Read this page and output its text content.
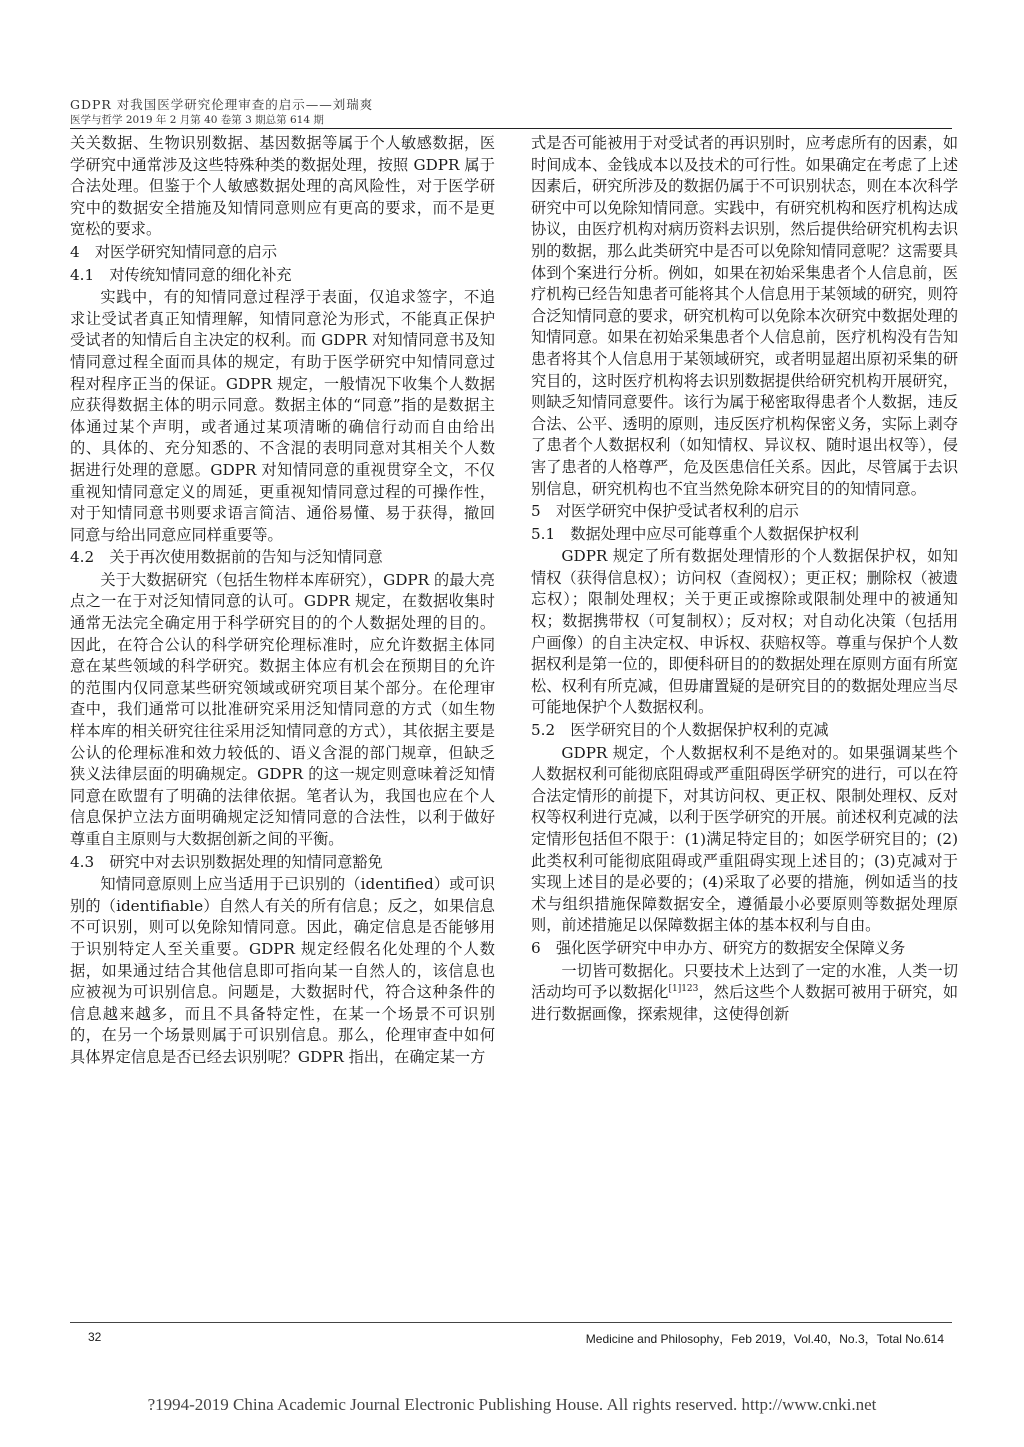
GDPR 对我国医学研究伦理审查的启示——刘瑞爽
医学与哲学 2019 年 2 月第 40 卷第 3 期总第 614 期

关关数据、生物识别数据、基因数据等属于个人敏感数据，医学研究中通常涉及这些特殊种类的数据处理，按照 GDPR 属于合法处理。但鉴于个人敏感数据处理的高风险性，对于医学研究中的数据安全措施及知情同意则应有更高的要求，而不是更宽松的要求。

4　对医学研究知情同意的启示
4.1　对传统知情同意的细化补充

实践中，有的知情同意过程浮于表面，仅追求签字，不追求让受试者真正知情理解，知情同意沦为形式，不能真正保护受试者的知情后自主决定的权利。而 GDPR 对知情同意书及知情同意过程全面而具体的规定，有助于医学研究中知情同意过程对程序正当的保证。GDPR 规定，一般情况下收集个人数据应获得数据主体的明示同意。数据主体的“同意”指的是数据主体通过某个声明，或者通过某项清晰的确信行动而自由给出的、具体的、充分知悉的、不含混的表明同意对其相关个人数据进行处理的意愿。GDPR 对知情同意的重视贯穿全文，不仅重视知情同意定义的周延，更重视知情同意过程的可操作性，对于知情同意书则要求语言简洁、通俗易懂、易于获得，撤回同意与给出同意应同样重要等。

4.2　关于再次使用数据前的告知与泛知情同意

关于大数据研究（包括生物样本库研究），GDPR 的最大亮点之一在于对泛知情同意的认可。GDPR 规定，在数据收集时通常无法完全确定用于科学研究目的的个人数据处理的目的。因此，在符合公认的科学研究伦理标准时，应允许数据主体同意在某些领域的科学研究。数据主体应有机会在预期目的允许的范围内仅同意某些研究领域或研究项目某个部分。在伦理审查中，我们通常可以批准研究采用泛知情同意的方式（如生物样本库的相关研究往往采用泛知情同意的方式），其依据主要是公认的伦理标准和效力较低的、语义含混的部门规章，但缺乏狭义法律层面的明确规定。GDPR 的这一规定则意味着泛知情同意在欧盟有了明确的法律依据。笔者认为，我国也应在个人信息保护立法方面明确规定泛知情同意的合法性，以利于做好尊重自主原则与大数据创新之间的平衡。

4.3　研究中对去识别数据处理的知情同意豁免

知情同意原则上应当适用于已识别的（identified）或可识别的（identifiable）自然人有关的所有信息；反之，如果信息不可识别，则可以免除知情同意。因此，确定信息是否能够用于识别特定人至关重要。GDPR 规定经假名化处理的个人数据，如果通过结合其他信息即可指向某一自然人的，该信息也应被视为可识别信息。问题是，大数据时代，符合这种条件的信息越来越多，而且不具备特定性，在某一个场景不可识别的，在另一个场景则属于可识别信息。那么，伦理审查中如何具体界定信息是否已经去识别呢？GDPR 指出，在确定某一方

式是否可能被用于对受试者的再识别时，应考虑所有的因素，如时间成本、金钱成本以及技术的可行性。如果确定在考虑了上述因素后，研究所涉及的数据仍属于不可识别状态，则在本次科学研究中可以免除知情同意。实践中，有研究机构和医疗机构达成协议，由医疗机构对病历资料去识别，然后提供给研究机构去识别的数据，那么此类研究中是否可以免除知情同意呢？这需要具体到个案进行分析。例如，如果在初始采集患者个人信息前，医疗机构已经告知患者可能将其个人信息用于某领域的研究，则符合泛知情同意的要求，研究机构可以免除本次研究中数据处理的知情同意。如果在初始采集患者个人信息前，医疗机构没有告知患者将其个人信息用于某领域研究，或者明显超出原初采集的研究目的，这时医疗机构将去识别数据提供给研究机构开展研究，则缺乏知情同意要件。该行为属于秘密取得患者个人数据，违反合法、公平、透明的原则，违反医疗机构保密义务，实际上剥夺了患者个人数据权利（如知情权、异议权、随时退出权等），侵害了患者的人格尊严，危及医患信任关系。因此，尽管属于去识别信息，研究机构也不宜当然免除本研究目的的知情同意。

5　对医学研究中保护受试者权利的启示
5.1　数据处理中应尽可能尊重个人数据保护权利

GDPR 规定了所有数据处理情形的个人数据保护权，如知情权（获得信息权）；访问权（查阅权）；更正权；删除权（被遗忘权）；限制处理权；关于更正或擦除或限制处理中的被通知权；数据携带权（可复制权）；反对权；对自动化决策（包括用户画像）的自主决定权、申诉权、获赔权等。尊重与保护个人数据权利是第一位的，即便科研目的的数据处理在原则方面有所宽松、权利有所克减，但毋庸置疑的是研究目的的数据处理应当尽可能地保护个人数据权利。

5.2　医学研究目的个人数据保护权利的克减

GDPR 规定，个人数据权利不是绝对的。如果强调某些个人数据权利可能彻底阻碍或严重阻碍医学研究的进行，可以在符合法定情形的前提下，对其访问权、更正权、限制处理权、反对权等权利进行克减，以利于医学研究的开展。前述权利克减的法定情形包括但不限于：(1)满足特定目的；如医学研究目的；(2)此类权利可能彻底阻碍或严重阻碍实现上述目的；(3)克减对于实现上述目的是必要的；(4)采取了必要的措施，例如适当的技术与组织措施保障数据安全，遵循最小必要原则等数据处理原则，前述措施足以保障数据主体的基本权利与自由。

6　强化医学研究中申办方、研究方的数据安全保障义务

一切皆可数据化。只要技术上达到了一定的水准，人类一切活动均可予以数据化$^{[1]123}$，然后这些个人数据可被用于研究，如进行数据画像，探索规律，这使得创新

32	Medicine and Philosophy，Feb 2019，Vol.40，No.3，Total No.614
?1994-2019 China Academic Journal Electronic Publishing House. All rights reserved. http://www.cnki.net
